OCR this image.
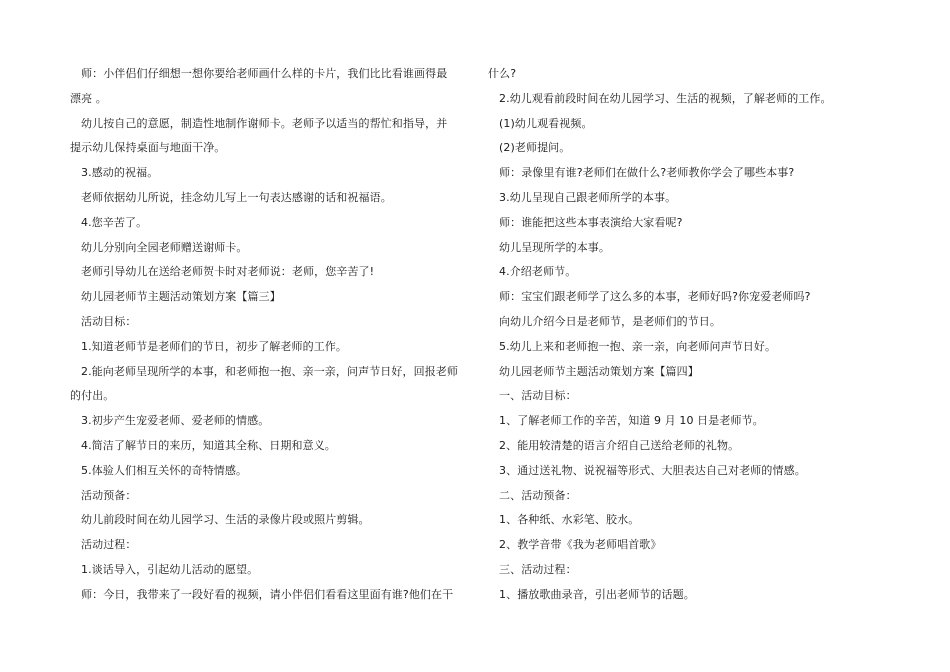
师：小伴侣们仔细想一想你要给老师画什么样的卡片，我们比比看谁画得最
漂亮 。
幼儿按自己的意愿，制造性地制作谢师卡。老师予以适当的帮忙和指导，并
提示幼儿保持桌面与地面干净。
3.感动的祝福。
老师依据幼儿所说，挂念幼儿写上一句表达感谢的话和祝福语。
4.您辛苦了。
幼儿分别向全园老师赠送谢师卡。
老师引导幼儿在送给老师贺卡时对老师说：老师，您辛苦了!
幼儿园老师节主题活动策划方案【篇三】
活动目标：
1.知道老师节是老师们的节日，初步了解老师的工作。
2.能向老师呈现所学的本事，和老师抱一抱、亲一亲，问声节日好，回报老师
的付出。
3.初步产生宠爱老师、爱老师的情感。
4.简洁了解节日的来历，知道其全称、日期和意义。
5.体验人们相互关怀的奇特情感。
活动预备：
幼儿前段时间在幼儿园学习、生活的录像片段或照片剪辑。
活动过程：
1.谈话导入，引起幼儿活动的愿望。
师：今日，我带来了一段好看的视频，请小伴侣们看看这里面有谁?他们在干
什么?
2.幼儿观看前段时间在幼儿园学习、生活的视频，了解老师的工作。
(1)幼儿观看视频。
(2)老师提问。
师：录像里有谁?老师们在做什么?老师教你学会了哪些本事?
3.幼儿呈现自己跟老师所学的本事。
师：谁能把这些本事表演给大家看呢?
幼儿呈现所学的本事。
4.介绍老师节。
师：宝宝们跟老师学了这么多的本事，老师好吗?你宠爱老师吗?
向幼儿介绍今日是老师节，是老师们的节日。
5.幼儿上来和老师抱一抱、亲一亲，向老师问声节日好。
幼儿园老师节主题活动策划方案【篇四】
一、活动目标：
1、了解老师工作的辛苦，知道 9 月 10 日是老师节。
2、能用较清楚的语言介绍自己送给老师的礼物。
3、通过送礼物、说祝福等形式、大胆表达自己对老师的情感。
二、活动预备：
1、各种纸、水彩笔、胶水。
2、教学音带《我为老师唱首歌》
三、活动过程：
1、播放歌曲录音，引出老师节的话题。
